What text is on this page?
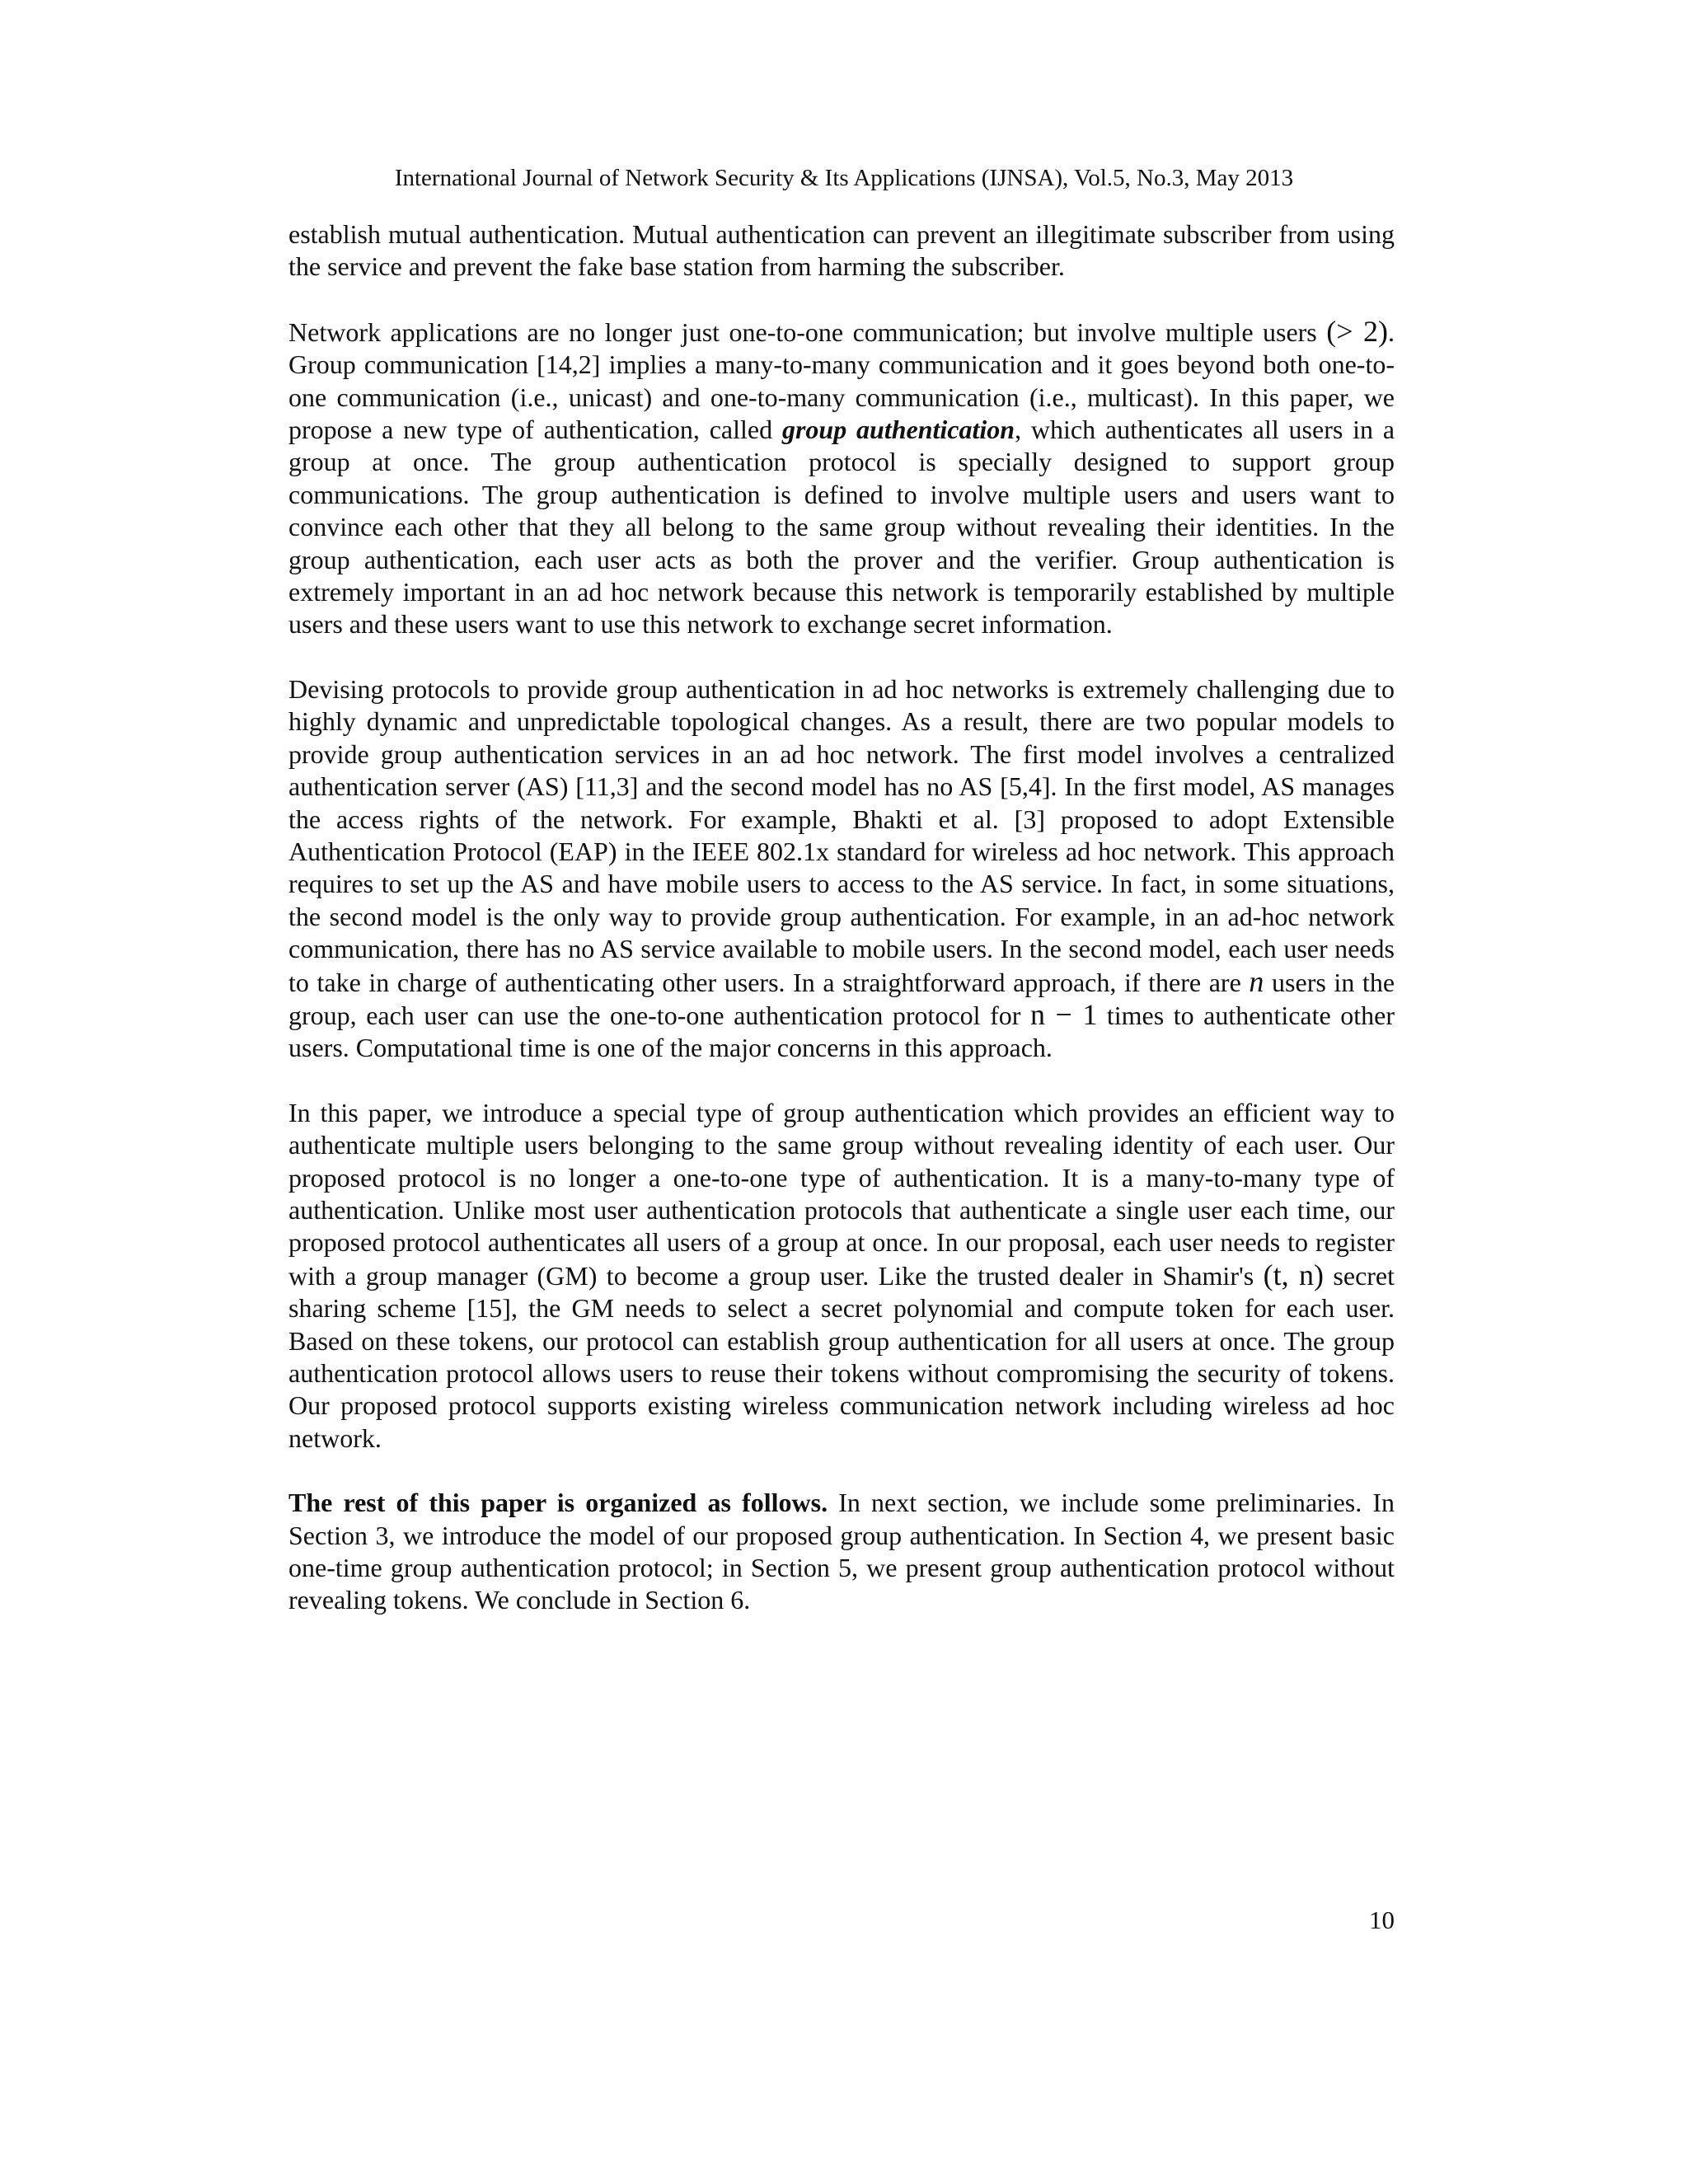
International Journal of Network Security & Its Applications (IJNSA), Vol.5, No.3, May 2013

establish mutual authentication. Mutual authentication can prevent an illegitimate subscriber from using the service and prevent the fake base station from harming the subscriber.

Network applications are no longer just one-to-one communication; but involve multiple users (> 2). Group communication [14,2] implies a many-to-many communication and it goes beyond both one-to-one communication (i.e., unicast) and one-to-many communication (i.e., multicast). In this paper, we propose a new type of authentication, called group authentication, which authenticates all users in a group at once. The group authentication protocol is specially designed to support group communications. The group authentication is defined to involve multiple users and users want to convince each other that they all belong to the same group without revealing their identities. In the group authentication, each user acts as both the prover and the verifier. Group authentication is extremely important in an ad hoc network because this network is temporarily established by multiple users and these users want to use this network to exchange secret information.

Devising protocols to provide group authentication in ad hoc networks is extremely challenging due to highly dynamic and unpredictable topological changes. As a result, there are two popular models to provide group authentication services in an ad hoc network. The first model involves a centralized authentication server (AS) [11,3] and the second model has no AS [5,4]. In the first model, AS manages the access rights of the network. For example, Bhakti et al. [3] proposed to adopt Extensible Authentication Protocol (EAP) in the IEEE 802.1x standard for wireless ad hoc network. This approach requires to set up the AS and have mobile users to access to the AS service. In fact, in some situations, the second model is the only way to provide group authentication. For example, in an ad-hoc network communication, there has no AS service available to mobile users. In the second model, each user needs to take in charge of authenticating other users. In a straightforward approach, if there are n users in the group, each user can use the one-to-one authentication protocol for n − 1 times to authenticate other users. Computational time is one of the major concerns in this approach.

In this paper, we introduce a special type of group authentication which provides an efficient way to authenticate multiple users belonging to the same group without revealing identity of each user. Our proposed protocol is no longer a one-to-one type of authentication. It is a many-to-many type of authentication. Unlike most user authentication protocols that authenticate a single user each time, our proposed protocol authenticates all users of a group at once. In our proposal, each user needs to register with a group manager (GM) to become a group user. Like the trusted dealer in Shamir's (t, n) secret sharing scheme [15], the GM needs to select a secret polynomial and compute token for each user. Based on these tokens, our protocol can establish group authentication for all users at once. The group authentication protocol allows users to reuse their tokens without compromising the security of tokens. Our proposed protocol supports existing wireless communication network including wireless ad hoc network.

The rest of this paper is organized as follows. In next section, we include some preliminaries. In Section 3, we introduce the model of our proposed group authentication. In Section 4, we present basic one-time group authentication protocol; in Section 5, we present group authentication protocol without revealing tokens. We conclude in Section 6.

10
